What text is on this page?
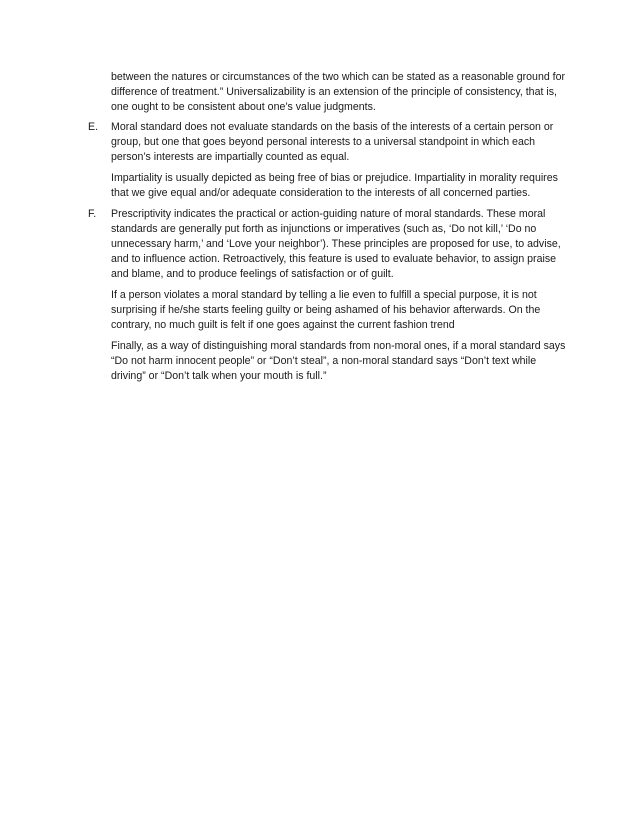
between the natures or circumstances of the two which can be stated as a reasonable ground for difference of treatment.” Universalizability is an extension of the principle of consistency, that is, one ought to be consistent about one’s value judgments.

E.	Moral standard does not evaluate standards on the basis of the interests of a certain person or group, but one that goes beyond personal interests to a universal standpoint in which each person’s interests are impartially counted as equal.

Impartiality is usually depicted as being free of bias or prejudice. Impartiality in morality requires that we give equal and/or adequate consideration to the interests of all concerned parties.

F.	Prescriptivity indicates the practical or action-guiding nature of moral standards. These moral standards are generally put forth as injunctions or imperatives (such as, ‘Do not kill,’ ‘Do no unnecessary harm,’ and ‘Love your neighbor’). These principles are proposed for use, to advise, and to influence action. Retroactively, this feature is used to evaluate behavior, to assign praise and blame, and to produce feelings of satisfaction or of guilt.

If a person violates a moral standard by telling a lie even to fulfill a special purpose, it is not surprising if he/she starts feeling guilty or being ashamed of his behavior afterwards. On the contrary, no much guilt is felt if one goes against the current fashion trend

Finally, as a way of distinguishing moral standards from non-moral ones, if a moral standard says “Do not harm innocent people” or “Don’t steal”, a non-moral standard says “Don’t text while driving” or “Don’t talk when your mouth is full.”
